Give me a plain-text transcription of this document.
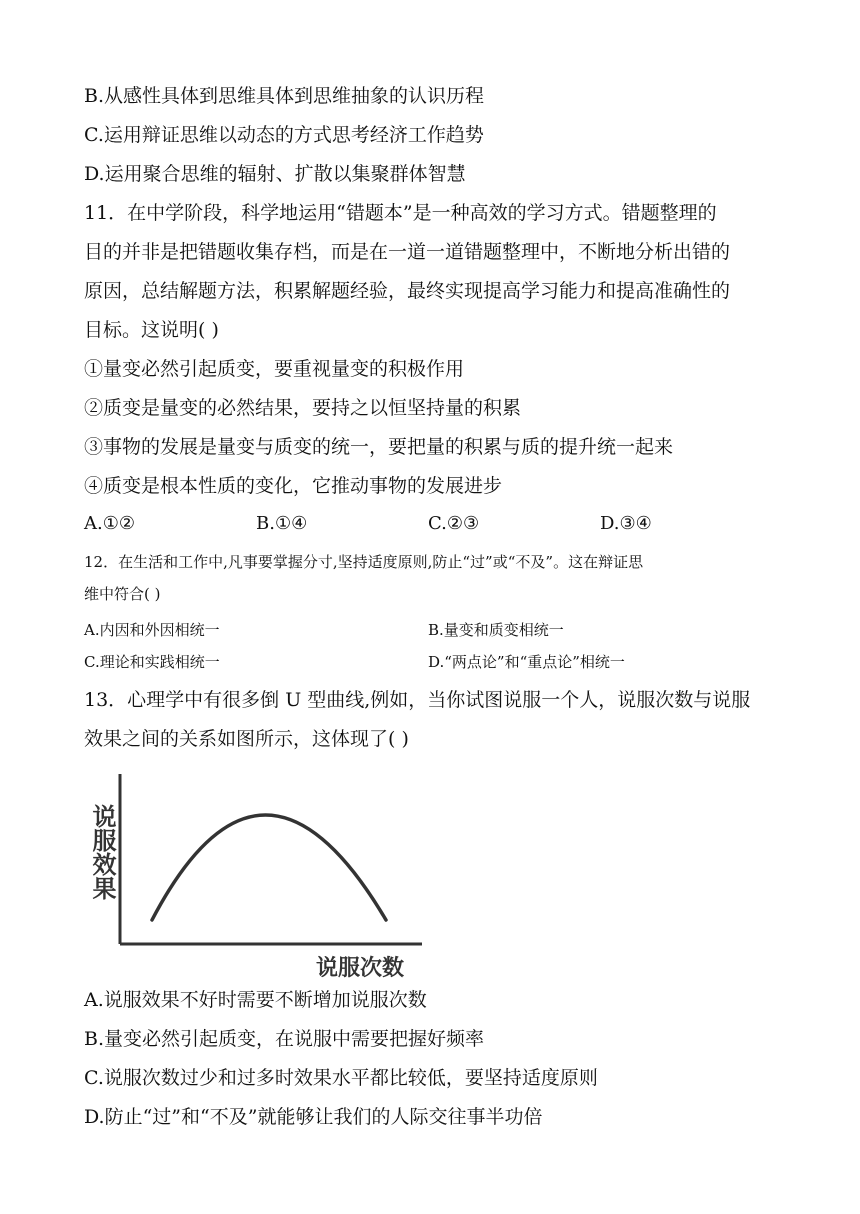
B.从感性具体到思维具体到思维抽象的认识历程
C.运用辩证思维以动态的方式思考经济工作趋势
D.运用聚合思维的辐射、扩散以集聚群体智慧
11．在中学阶段，科学地运用“错题本”是一种高效的学习方式。错题整理的
目的并非是把错题收集存档，而是在一道一道错题整理中，不断地分析出错的
原因，总结解题方法，积累解题经验，最终实现提高学习能力和提高准确性的
目标。这说明( )
①量变必然引起质变，要重视量变的积极作用
②质变是量变的必然结果，要持之以恒坚持量的积累
③事物的发展是量变与质变的统一，要把量的积累与质的提升统一起来
④质变是根本性质的变化，它推动事物的发展进步
A.①②	B.①④	C.②③	D.③④
12．在生活和工作中,凡事要掌握分寸,坚持适度原则,防止“过”或“不及”。这在辩证思
维中符合( )
A.内因和外因相统一	B.量变和质变相统一
C.理论和实践相统一	D.“两点论”和“重点论”相统一
13．心理学中有很多倒 U 型曲线,例如，当你试图说服一个人，说服次数与说服
效果之间的关系如图所示，这体现了( )
说服效果
说服次数
A.说服效果不好时需要不断增加说服次数
B.量变必然引起质变，在说服中需要把握好频率
C.说服次数过少和过多时效果水平都比较低，要坚持适度原则
D.防止“过”和“不及”就能够让我们的人际交往事半功倍
